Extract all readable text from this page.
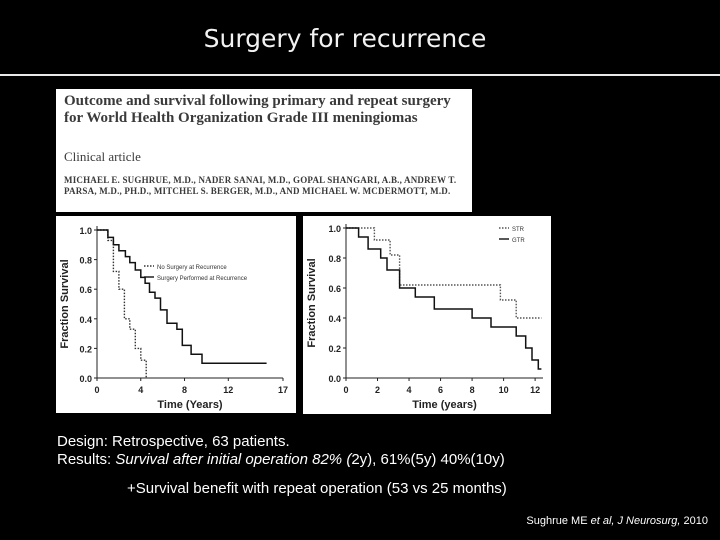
Surgery for recurrence
Outcome and survival following primary and repeat surgery for World Health Organization Grade III meningiomas
Clinical article
MICHAEL E. SUGHRUE, M.D., NADER SANAI, M.D., GOPAL SHANGARI, A.B., ANDREW T. PARSA, M.D., PH.D., MITCHEL S. BERGER, M.D., AND MICHAEL W. MCDERMOTT, M.D.
1.0
0.8
0.6
0.4
0.2
0.0
0	4	8	12	17
Time (Years)
Fraction Survival	No Surgery at Recurrence
Surgery Performed at Recurrence
1.0
0.8
0.6
0.4
0.2
0.0
0	2	4	6	8	10 12
Time (years)
Fraction Survival
STR
GTR
Design: Retrospective, 63 patients.
Results: Survival after initial operation 82% (2y), 61%(5y) 40%(10y)
+Survival benefit with repeat operation (53 vs 25 months)
Sughrue ME et al, J Neurosurg, 2010
